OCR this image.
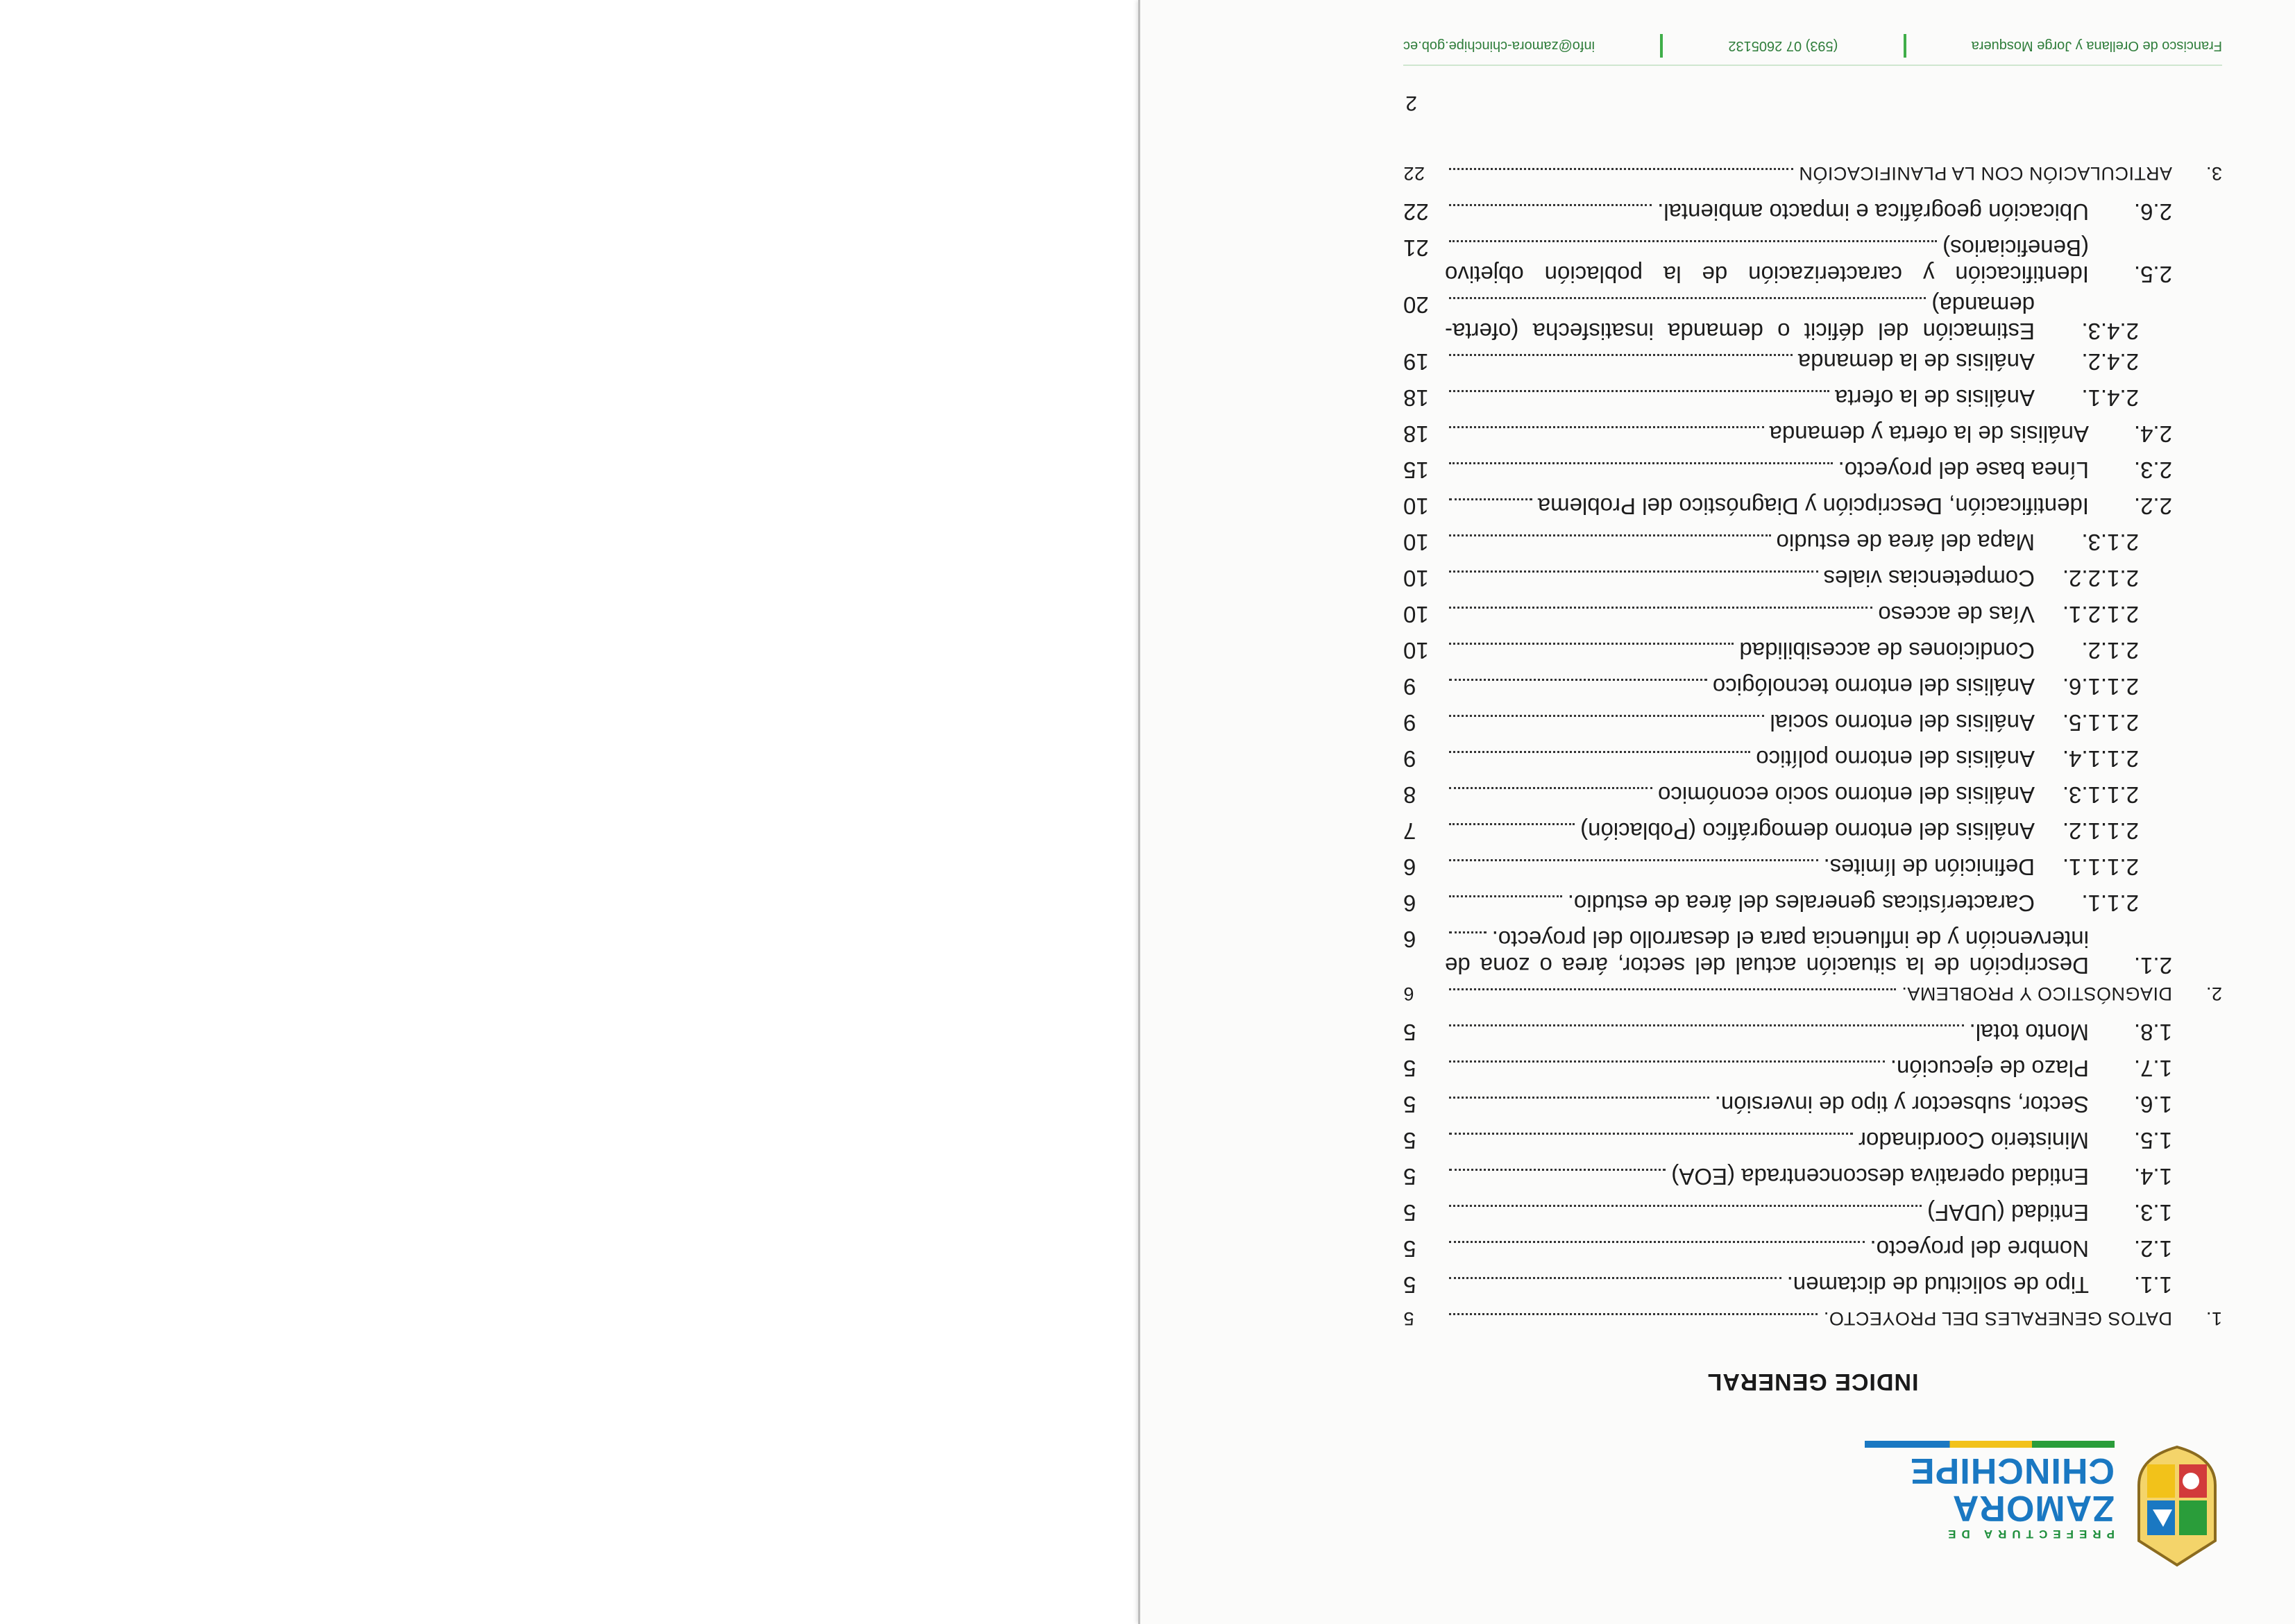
PREFECTURA DE
ZAMORA
CHINCHIPE
INDICE GENERAL
1.
DATOS GENERALES DEL PROYECTO.
5
1.1.
Tipo de solicitud de dictamen.
5
1.2.
Nombre del proyecto.
5
1.3.
Entidad (UDAF)
5
1.4.
Entidad operativa desconcentrada (EOA)
5
1.5.
Ministerio Coordinador
5
1.6.
Sector, subsector y tipo de inversión.
5
1.7.
Plazo de ejecución.
5
1.8.
Monto total.
5
2.
DIAGNÓSTICO Y PROBLEMA.
6
2.1.
Descripción de la situación actual del sector, área o zona de
intervención y de influencia para el desarrollo del proyecto.
6
2.1.1.
Características generales del área de estudio.
6
2.1.1.1.
Definición de límites.
6
2.1.1.2.
Análisis del entorno demográfico (Población)
7
2.1.1.3.
Análisis del entorno socio económico
8
2.1.1.4.
Análisis del entorno político
9
2.1.1.5.
Análisis del entorno social
9
2.1.1.6.
Análisis del entorno tecnológico
9
2.1.2.
Condiciones de accesibilidad
10
2.1.2.1.
Vías de acceso
10
2.1.2.2.
Competencias viales
10
2.1.3.
Mapa del área de estudio
10
2.2.
Identificación, Descripción y Diagnóstico del Problema
10
2.3.
Línea base del proyecto.
15
2.4.
Análisis de la oferta y demanda
18
2.4.1.
Análisis de la oferta
18
2.4.2.
Análisis de la demanda
19
2.4.3.
Estimación del déficit o demanda insatisfecha (oferta-
demanda)
20
2.5.
Identificación y caracterización de la población objetivo
(Beneficiarios)
21
2.6.
Ubicación geográfica e impacto ambiental.
22
3.
ARTICULACIÓN CON LA PLANIFICACIÓN
22
2
Francisco de Orellana y Jorge Mosquera
(593) 07 2605132
info@zamora-chinchipe.gob.ec
